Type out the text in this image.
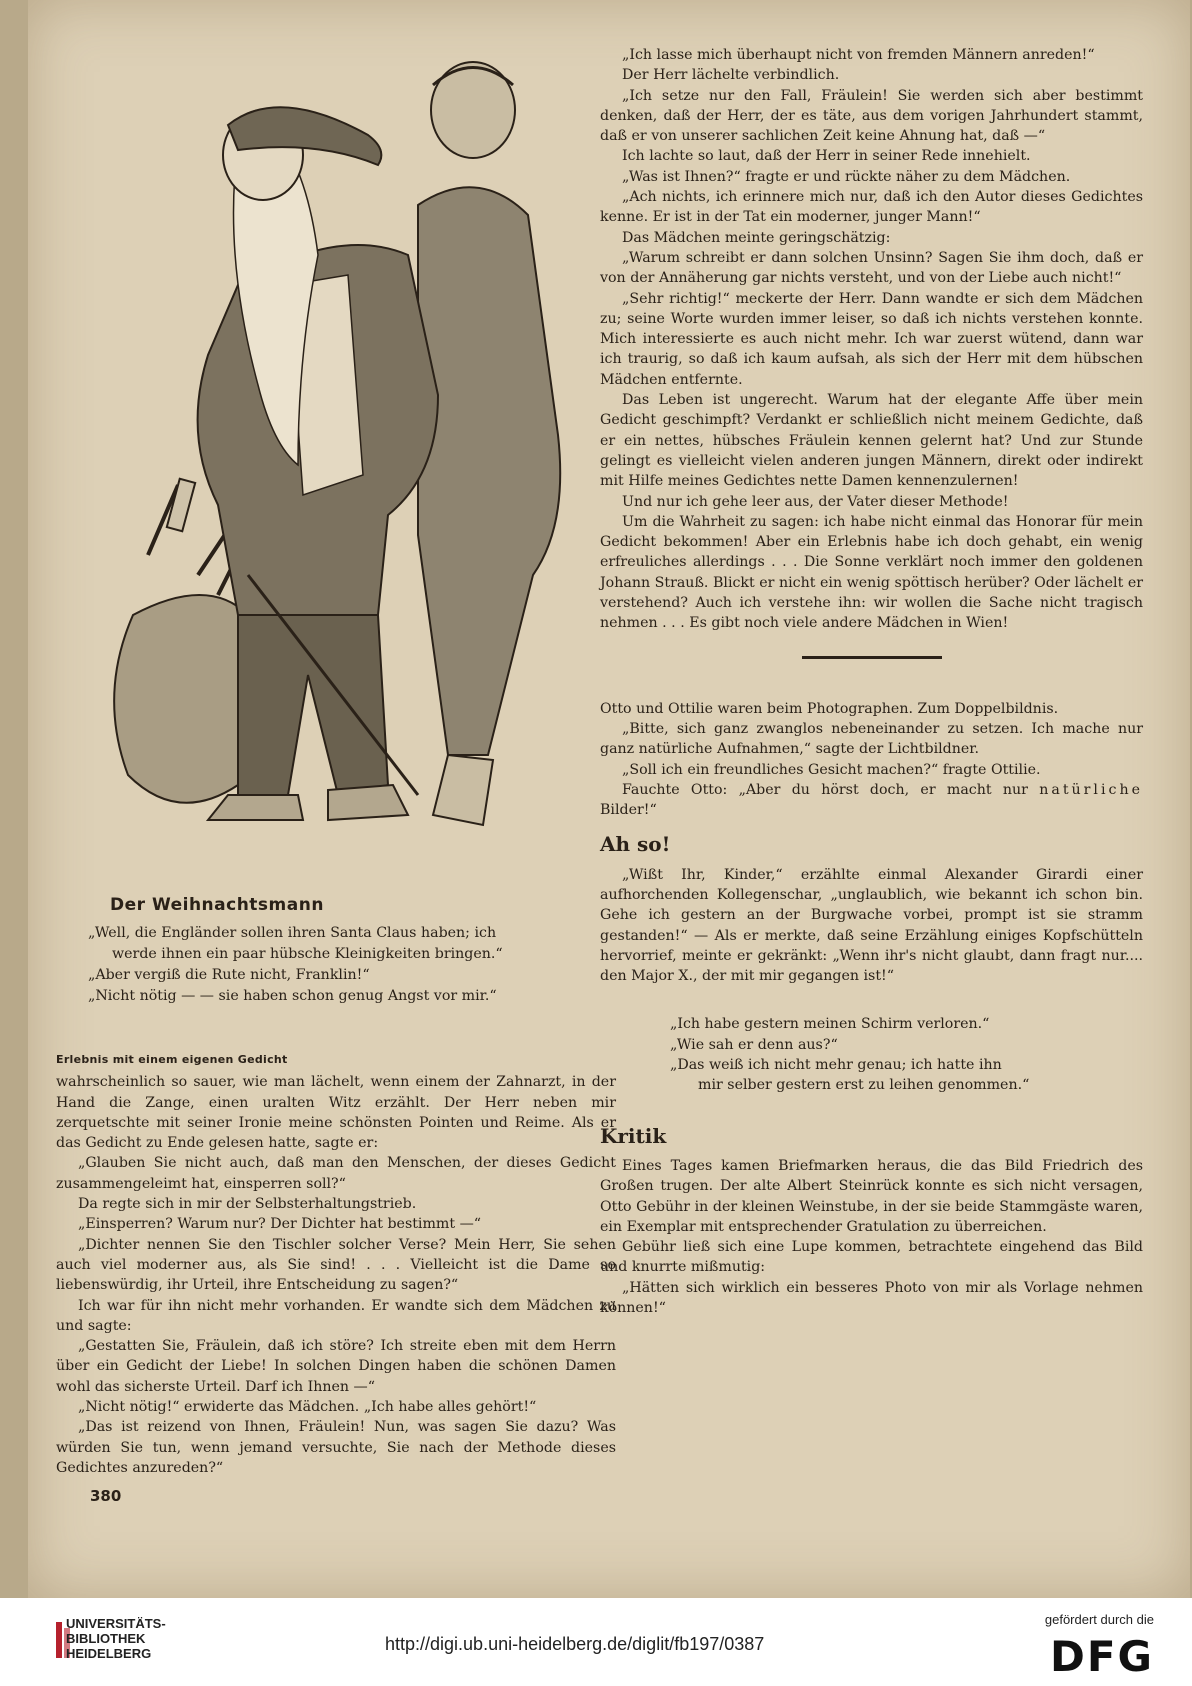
Der Weihnachtsmann

„Well, die Engländer sollen ihren Santa Claus haben; ich

werde ihnen ein paar hübsche Kleinigkeiten bringen.“

„Aber vergiß die Rute nicht, Franklin!“

„Nicht nötig — — sie haben schon genug Angst vor mir.“

Erlebnis mit einem eigenen Gedicht

wahrscheinlich so sauer, wie man lächelt, wenn einem der Zahnarzt, in der Hand die Zange, einen uralten Witz erzählt. Der Herr neben mir zerquetschte mit seiner Ironie meine schönsten Pointen und Reime. Als er das Gedicht zu Ende gelesen hatte, sagte er:

„Glauben Sie nicht auch, daß man den Menschen, der dieses Gedicht zusammengeleimt hat, einsperren soll?“

Da regte sich in mir der Selbsterhaltungstrieb.

„Einsperren? Warum nur? Der Dichter hat bestimmt —“

„Dichter nennen Sie den Tischler solcher Verse? Mein Herr, Sie sehen auch viel moderner aus, als Sie sind! . . . Vielleicht ist die Dame so liebenswürdig, ihr Urteil, ihre Entscheidung zu sagen?“

Ich war für ihn nicht mehr vorhanden. Er wandte sich dem Mädchen zu und sagte:

„Gestatten Sie, Fräulein, daß ich störe? Ich streite eben mit dem Herrn über ein Gedicht der Liebe! In solchen Dingen haben die schönen Damen wohl das sicherste Urteil. Darf ich Ihnen —“

„Nicht nötig!“ erwiderte das Mädchen. „Ich habe alles gehört!“

„Das ist reizend von Ihnen, Fräulein! Nun, was sagen Sie dazu? Was würden Sie tun, wenn jemand versuchte, Sie nach der Methode dieses Gedichtes anzureden?“

„Ich lasse mich überhaupt nicht von fremden Männern anreden!“

Der Herr lächelte verbindlich.

„Ich setze nur den Fall, Fräulein! Sie werden sich aber bestimmt denken, daß der Herr, der es täte, aus dem vorigen Jahrhundert stammt, daß er von unserer sachlichen Zeit keine Ahnung hat, daß —“

Ich lachte so laut, daß der Herr in seiner Rede innehielt.

„Was ist Ihnen?“ fragte er und rückte näher zu dem Mädchen.

„Ach nichts, ich erinnere mich nur, daß ich den Autor dieses Gedichtes kenne. Er ist in der Tat ein moderner, junger Mann!“

Das Mädchen meinte geringschätzig:

„Warum schreibt er dann solchen Unsinn? Sagen Sie ihm doch, daß er von der Annäherung gar nichts versteht, und von der Liebe auch nicht!“

„Sehr richtig!“ meckerte der Herr. Dann wandte er sich dem Mädchen zu; seine Worte wurden immer leiser, so daß ich nichts verstehen konnte. Mich interessierte es auch nicht mehr. Ich war zuerst wütend, dann war ich traurig, so daß ich kaum aufsah, als sich der Herr mit dem hübschen Mädchen entfernte.

Das Leben ist ungerecht. Warum hat der elegante Affe über mein Gedicht geschimpft? Verdankt er schließlich nicht meinem Gedichte, daß er ein nettes, hübsches Fräulein kennen gelernt hat? Und zur Stunde gelingt es vielleicht vielen anderen jungen Männern, direkt oder indirekt mit Hilfe meines Gedichtes nette Damen kennenzulernen!

Und nur ich gehe leer aus, der Vater dieser Methode!

Um die Wahrheit zu sagen: ich habe nicht einmal das Honorar für mein Gedicht bekommen! Aber ein Erlebnis habe ich doch gehabt, ein wenig erfreuliches allerdings . . . Die Sonne verklärt noch immer den goldenen Johann Strauß. Blickt er nicht ein wenig spöttisch herüber? Oder lächelt er verstehend? Auch ich verstehe ihn: wir wollen die Sache nicht tragisch nehmen . . . Es gibt noch viele andere Mädchen in Wien!

Otto und Ottilie waren beim Photographen. Zum Doppelbildnis.

„Bitte, sich ganz zwanglos nebeneinander zu setzen. Ich mache nur ganz natürliche Aufnahmen,“ sagte der Lichtbildner.

„Soll ich ein freundliches Gesicht machen?“ fragte Ottilie.

Fauchte Otto: „Aber du hörst doch, er macht nur natürliche Bilder!“

Ah so!

„Wißt Ihr, Kinder,“ erzählte einmal Alexander Girardi einer aufhorchenden Kollegenschar, „unglaublich, wie bekannt ich schon bin. Gehe ich gestern an der Burgwache vorbei, prompt ist sie stramm gestanden!“ — Als er merkte, daß seine Erzählung einiges Kopfschütteln hervorrief, meinte er gekränkt: „Wenn ihr's nicht glaubt, dann fragt nur.... den Major X., der mit mir gegangen ist!“

„Ich habe gestern meinen Schirm verloren.“

„Wie sah er denn aus?“

„Das weiß ich nicht mehr genau; ich hatte ihn

mir selber gestern erst zu leihen genommen.“

Kritik

Eines Tages kamen Briefmarken heraus, die das Bild Friedrich des Großen trugen. Der alte Albert Steinrück konnte es sich nicht versagen, Otto Gebühr in der kleinen Weinstube, in der sie beide Stammgäste waren, ein Exemplar mit entsprechender Gratulation zu überreichen.

Gebühr ließ sich eine Lupe kommen, betrachtete eingehend das Bild und knurrte mißmutig:

„Hätten sich wirklich ein besseres Photo von mir als Vorlage nehmen können!“

380
UNIVERSITÄTS-
BIBLIOTHEK
HEIDELBERG	http://digi.ub.uni-heidelberg.de/diglit/fb197/0387
gefördert durch die
DFG
